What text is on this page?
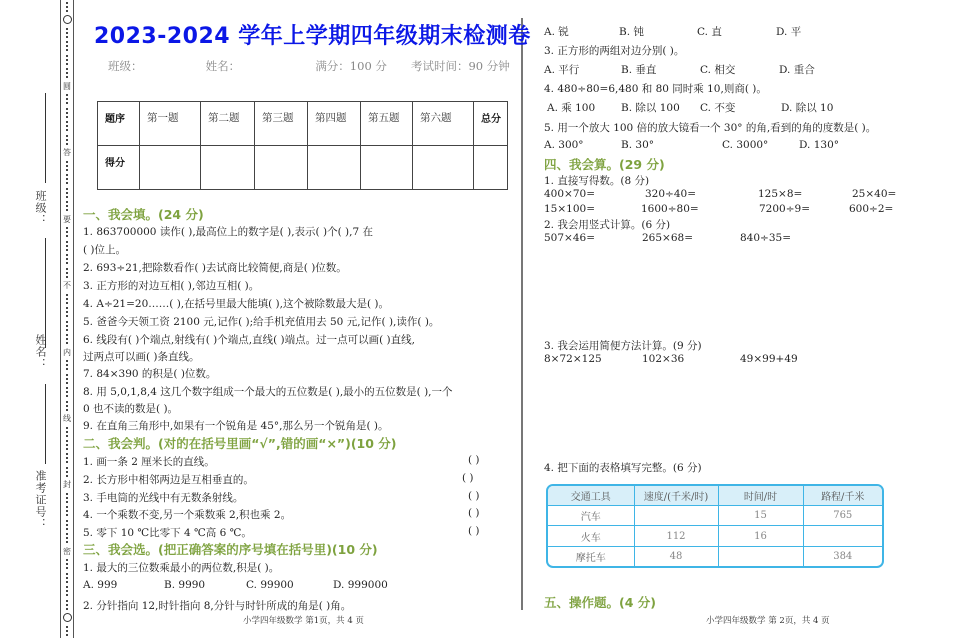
圆
答
要
不
内
线
封
密
班级：
姓名：
准考证号：
2023-2024 学年上学期四年级期末检测卷
班级：	姓名：	满分：100 分 考试时间：90 分钟
题序	第一题	第二题	第三题	第四题	第五题	第六题	总分
得分							
一、我会填。(24 分)
1. 863700000 读作( ),最高位上的数字是( ),表示( )个( ),7 在
( )位上。
2. 693÷21,把除数看作( )去试商比较简便,商是( )位数。
3. 正方形的对边互相( ),邻边互相( )。
4. A÷21=20……( ),在括号里最大能填( ),这个被除数最大是( )。
5. 爸爸今天领工资 2100 元,记作( );给手机充值用去 50 元,记作( ),读作( )。
6. 线段有( )个端点,射线有( )个端点,直线( )端点。过一点可以画( )直线,
过两点可以画( )条直线。
7. 84×390 的积是( )位数。
8. 用 5,0,1,8,4 这几个数字组成一个最大的五位数是( ),最小的五位数是( ),一个
0 也不读的数是( )。
9. 在直角三角形中,如果有一个锐角是 45°,那么另一个锐角是( )。
二、我会判。(对的在括号里画“√”,错的画“×”)(10 分)
1. 画一条 2 厘米长的直线。	( )
2. 长方形中相邻两边是互相垂直的。	( )
3. 手电筒的光线中有无数条射线。	( )
4. 一个乘数不变,另一个乘数乘 2,积也乘 2。	( )
5. 零下 10 ℃比零下 4 ℃高 6 ℃。	( )
三、我会选。(把正确答案的序号填在括号里)(10 分)
1. 最大的三位数乘最小的两位数,积是( )。
A. 999	B. 9990	C. 99900	D. 999000
2. 分针指向 12,时针指向 8,分针与时针所成的角是( )角。
小学四年级数学 第1页，共 4 页
A. 锐	B. 钝	C. 直	D. 平
3. 正方形的两组对边分别( )。
A. 平行	B. 垂直	C. 相交	D. 重合
4. 480÷80=6,480 和 80 同时乘 10,则商( )。
A. 乘 100 B. 除以 100 C. 不变	D. 除以 10
5. 用一个放大 100 倍的放大镜看一个 30° 的角,看到的角的度数是( )。
A. 300°	B. 30°	C. 3000°	D. 130°
四、我会算。(29 分)
1. 直接写得数。(8 分)
400×70=	320÷40=	125×8=	25×40=
15×100=	1600÷80=	7200÷9=	600÷2=
2. 我会用竖式计算。(6 分)
507×46=	265×68=	840÷35=
3. 我会运用简便方法计算。(9 分)
8×72×125	102×36	49×99+49
4. 把下面的表格填写完整。(6 分)
交通工具	速度/(千米/时)	时间/时	路程/千米
汽车		15	765
火车	112	16	
摩托车	48		384
五、操作题。(4 分)
小学四年级数学 第 2页，共 4 页
